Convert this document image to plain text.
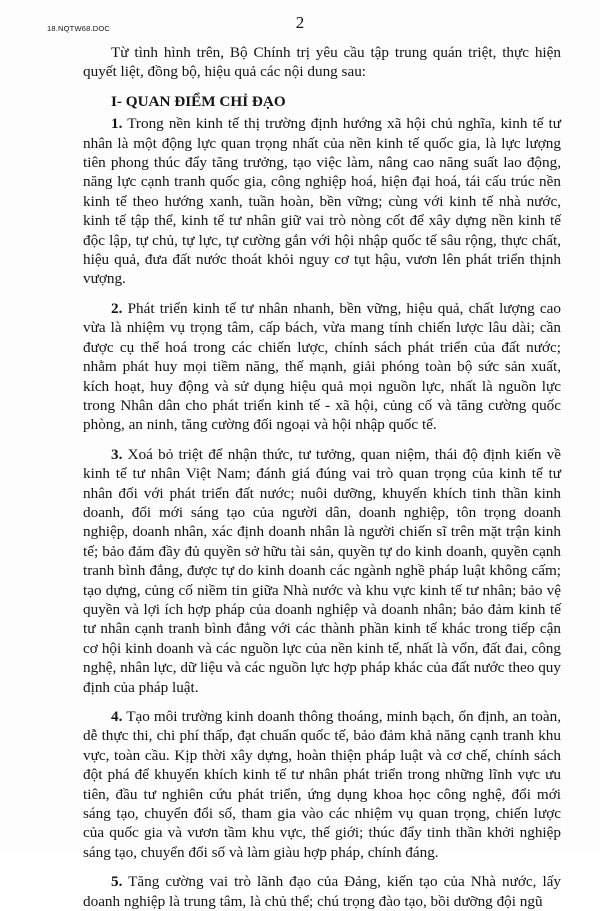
18.NQTW68.DOC	2

Từ tình hình trên, Bộ Chính trị yêu cầu tập trung quán triệt, thực hiện quyết liệt, đồng bộ, hiệu quả các nội dung sau:

I- QUAN ĐIỂM CHỈ ĐẠO

1. Trong nền kinh tế thị trường định hướng xã hội chủ nghĩa, kinh tế tư nhân là một động lực quan trọng nhất của nền kinh tế quốc gia, là lực lượng tiên phong thúc đẩy tăng trưởng, tạo việc làm, nâng cao năng suất lao động, năng lực cạnh tranh quốc gia, công nghiệp hoá, hiện đại hoá, tái cấu trúc nền kinh tế theo hướng xanh, tuần hoàn, bền vững; cùng với kinh tế nhà nước, kinh tế tập thể, kinh tế tư nhân giữ vai trò nòng cốt để xây dựng nền kinh tế độc lập, tự chủ, tự lực, tự cường gắn với hội nhập quốc tế sâu rộng, thực chất, hiệu quả, đưa đất nước thoát khỏi nguy cơ tụt hậu, vươn lên phát triển thịnh vượng.

2. Phát triển kinh tế tư nhân nhanh, bền vững, hiệu quả, chất lượng cao vừa là nhiệm vụ trọng tâm, cấp bách, vừa mang tính chiến lược lâu dài; cần được cụ thể hoá trong các chiến lược, chính sách phát triển của đất nước; nhằm phát huy mọi tiềm năng, thế mạnh, giải phóng toàn bộ sức sản xuất, kích hoạt, huy động và sử dụng hiệu quả mọi nguồn lực, nhất là nguồn lực trong Nhân dân cho phát triển kinh tế - xã hội, củng cố và tăng cường quốc phòng, an ninh, tăng cường đối ngoại và hội nhập quốc tế.

3. Xoá bỏ triệt để nhận thức, tư tưởng, quan niệm, thái độ định kiến về kinh tế tư nhân Việt Nam; đánh giá đúng vai trò quan trọng của kinh tế tư nhân đối với phát triển đất nước; nuôi dưỡng, khuyến khích tinh thần kinh doanh, đổi mới sáng tạo của người dân, doanh nghiệp, tôn trọng doanh nghiệp, doanh nhân, xác định doanh nhân là người chiến sĩ trên mặt trận kinh tế; bảo đảm đầy đủ quyền sở hữu tài sản, quyền tự do kinh doanh, quyền cạnh tranh bình đẳng, được tự do kinh doanh các ngành nghề pháp luật không cấm; tạo dựng, củng cố niềm tin giữa Nhà nước và khu vực kinh tế tư nhân; bảo vệ quyền và lợi ích hợp pháp của doanh nghiệp và doanh nhân; bảo đảm kinh tế tư nhân cạnh tranh bình đẳng với các thành phần kinh tế khác trong tiếp cận cơ hội kinh doanh và các nguồn lực của nền kinh tế, nhất là vốn, đất đai, công nghệ, nhân lực, dữ liệu và các nguồn lực hợp pháp khác của đất nước theo quy định của pháp luật.

4. Tạo môi trường kinh doanh thông thoáng, minh bạch, ổn định, an toàn, dễ thực thi, chi phí thấp, đạt chuẩn quốc tế, bảo đảm khả năng cạnh tranh khu vực, toàn cầu. Kịp thời xây dựng, hoàn thiện pháp luật và cơ chế, chính sách đột phá để khuyến khích kinh tế tư nhân phát triển trong những lĩnh vực ưu tiên, đầu tư nghiên cứu phát triển, ứng dụng khoa học công nghệ, đổi mới sáng tạo, chuyển đổi số, tham gia vào các nhiệm vụ quan trọng, chiến lược của quốc gia và vươn tầm khu vực, thế giới; thúc đẩy tinh thần khởi nghiệp sáng tạo, chuyển đổi số và làm giàu hợp pháp, chính đáng.

5. Tăng cường vai trò lãnh đạo của Đảng, kiến tạo của Nhà nước, lấy doanh nghiệp là trung tâm, là chủ thể; chú trọng đào tạo, bồi dưỡng đội ngũ
